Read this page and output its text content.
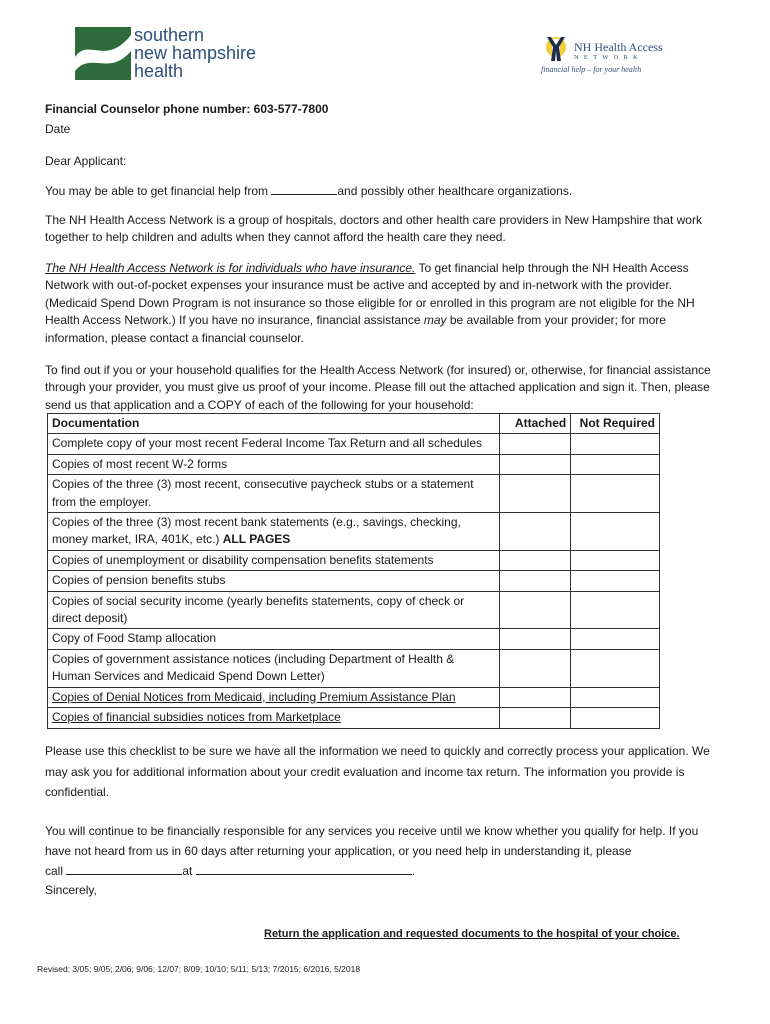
southern
new hampshire
health
NH Health Access
NETWORK
financial help – for your health
Financial Counselor phone number: 603-577-7800
Date
Dear Applicant:
You may be able to get financial help from	and possibly other healthcare organizations.
The NH Health Access Network is a group of hospitals, doctors and other health care providers in New Hampshire that work together to help children and adults when they cannot afford the health care they need.
The NH Health Access Network is for individuals who have insurance. To get financial help through the NH Health Access Network with out-of-pocket expenses your insurance must be active and accepted by and in-network with the provider. (Medicaid Spend Down Program is not insurance so those eligible for or enrolled in this program are not eligible for the NH Health Access Network.) If you have no insurance, financial assistance may be available from your provider; for more information, please contact a financial counselor.
To find out if you or your household qualifies for the Health Access Network (for insured) or, otherwise, for financial assistance through your provider, you must give us proof of your income. Please fill out the attached application and sign it. Then, please send us that application and a COPY of each of the following for your household:
Documentation	Attached	Not Required
Complete copy of your most recent Federal Income Tax Return and all schedules		
Copies of most recent W-2 forms		
Copies of the three (3) most recent, consecutive paycheck stubs or a statement from the employer.		
Copies of the three (3) most recent bank statements (e.g., savings, checking, money market, IRA, 401K, etc.) ALL PAGES		
Copies of unemployment or disability compensation benefits statements		
Copies of pension benefits stubs		
Copies of social security income (yearly benefits statements, copy of check or direct deposit)		
Copy of Food Stamp allocation		
Copies of government assistance notices (including Department of Health & Human Services and Medicaid Spend Down Letter)		
Copies of Denial Notices from Medicaid, including Premium Assistance Plan		
Copies of financial subsidies notices from Marketplace		
Please use this checklist to be sure we have all the information we need to quickly and correctly process your application. We may ask you for additional information about your credit evaluation and income tax return. The information you provide is confidential.
You will continue to be financially responsible for any services you receive until we know whether you qualify for help. If you have not heard from us in 60 days after returning your application, or you need help in understanding it, please
call	at	.
Sincerely,
Return the application and requested documents to the hospital of your choice.
Revised: 3/05; 9/05; 2/06; 9/06; 12/07; 8/09; 10/10; 5/11; 5/13; 7/2015; 6/2016, 5/2018
